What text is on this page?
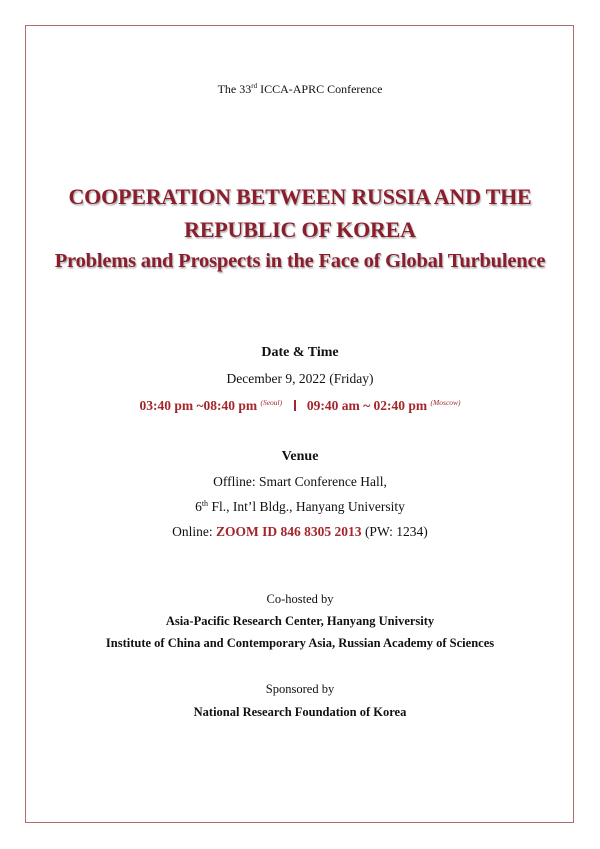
The 33rd ICCA-APRC Conference
COOPERATION BETWEEN RUSSIA AND THE
REPUBLIC OF KOREA
Problems and Prospects in the Face of Global Turbulence
Date & Time
December 9, 2022 (Friday)
03:40 pm ~08:40 pm $^{(Seoul)}$ 09:40 am ~ 02:40 pm $^{(Moscow)}$
Venue
Offline: Smart Conference Hall,
6th Fl., Int’l Bldg., Hanyang University
Online: ZOOM ID 846 8305 2013 (PW: 1234)
Co-hosted by
Asia-Pacific Research Center, Hanyang University
Institute of China and Contemporary Asia, Russian Academy of Sciences
Sponsored by
National Research Foundation of Korea
